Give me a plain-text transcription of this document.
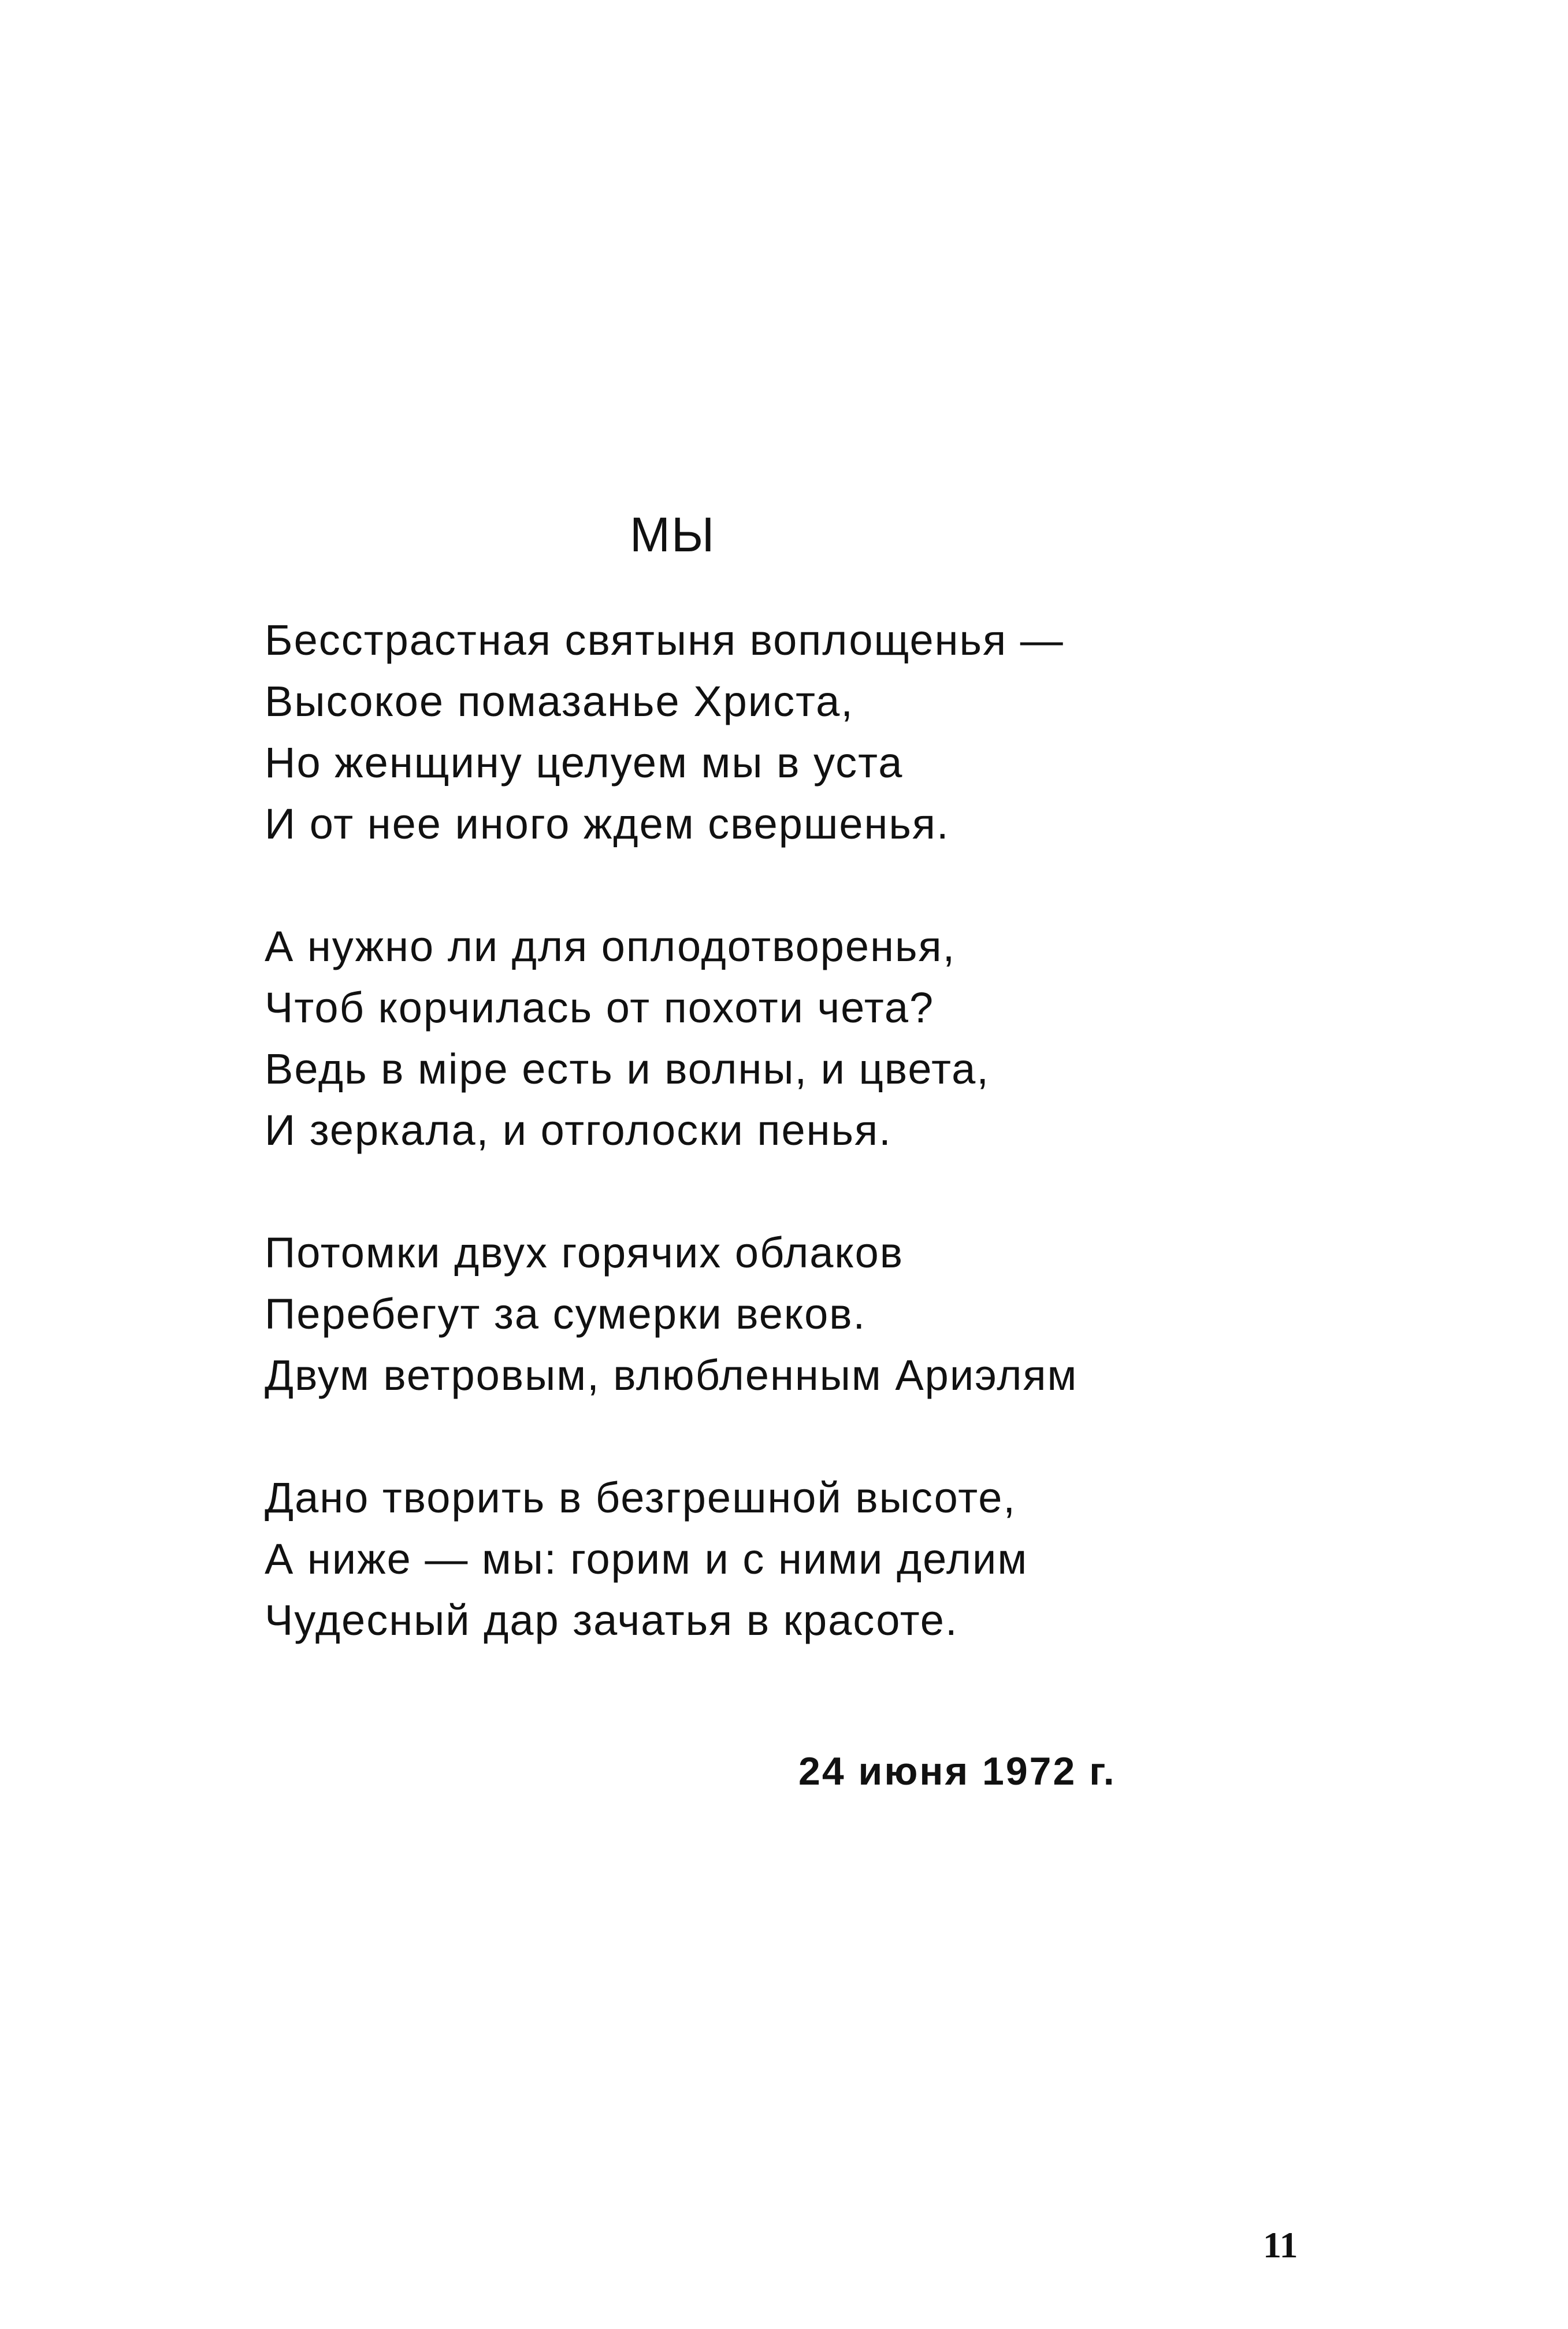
МЫ
Бесстрастная святыня воплощенья —
Высокое помазанье Христа,
Но женщину целуем мы в уста
И от нее иного ждем свершенья.
А нужно ли для оплодотворенья,
Чтоб корчилась от похоти чета?
Ведь в міре есть и волны, и цвета,
И зеркала, и отголоски пенья.
Потомки двух горячих облаков
Перебегут за сумерки веков.
Двум ветровым, влюбленным Ариэлям
Дано творить в безгрешной высоте,
А ниже — мы: горим и с ними делим
Чудесный дар зачатья в красоте.
24 июня 1972 г.
11
